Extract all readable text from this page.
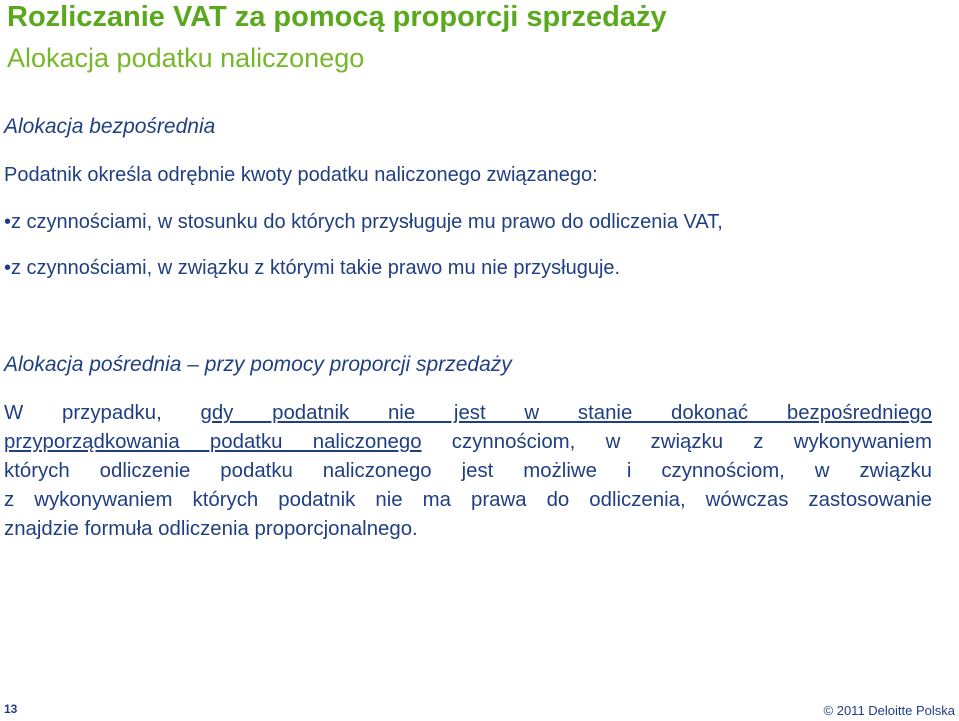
Rozliczanie VAT za pomocą proporcji sprzedaży
Alokacja podatku naliczonego
Alokacja bezpośrednia
Podatnik określa odrębnie kwoty podatku naliczonego związanego:
•z czynnościami, w stosunku do których przysługuje mu prawo do odliczenia VAT,
•z czynnościami, w związku z którymi takie prawo mu nie przysługuje.
Alokacja pośrednia – przy pomocy proporcji sprzedaży
W przypadku, gdy podatnik nie jest w stanie dokonać bezpośredniego
przyporządkowania podatku naliczonego czynnościom, w związku z wykonywaniem
których odliczenie podatku naliczonego jest możliwe i czynnościom, w związku
z wykonywaniem których podatnik nie ma prawa do odliczenia, wówczas zastosowanie
znajdzie formuła odliczenia proporcjonalnego.
13	© 2011 Deloitte Polska
